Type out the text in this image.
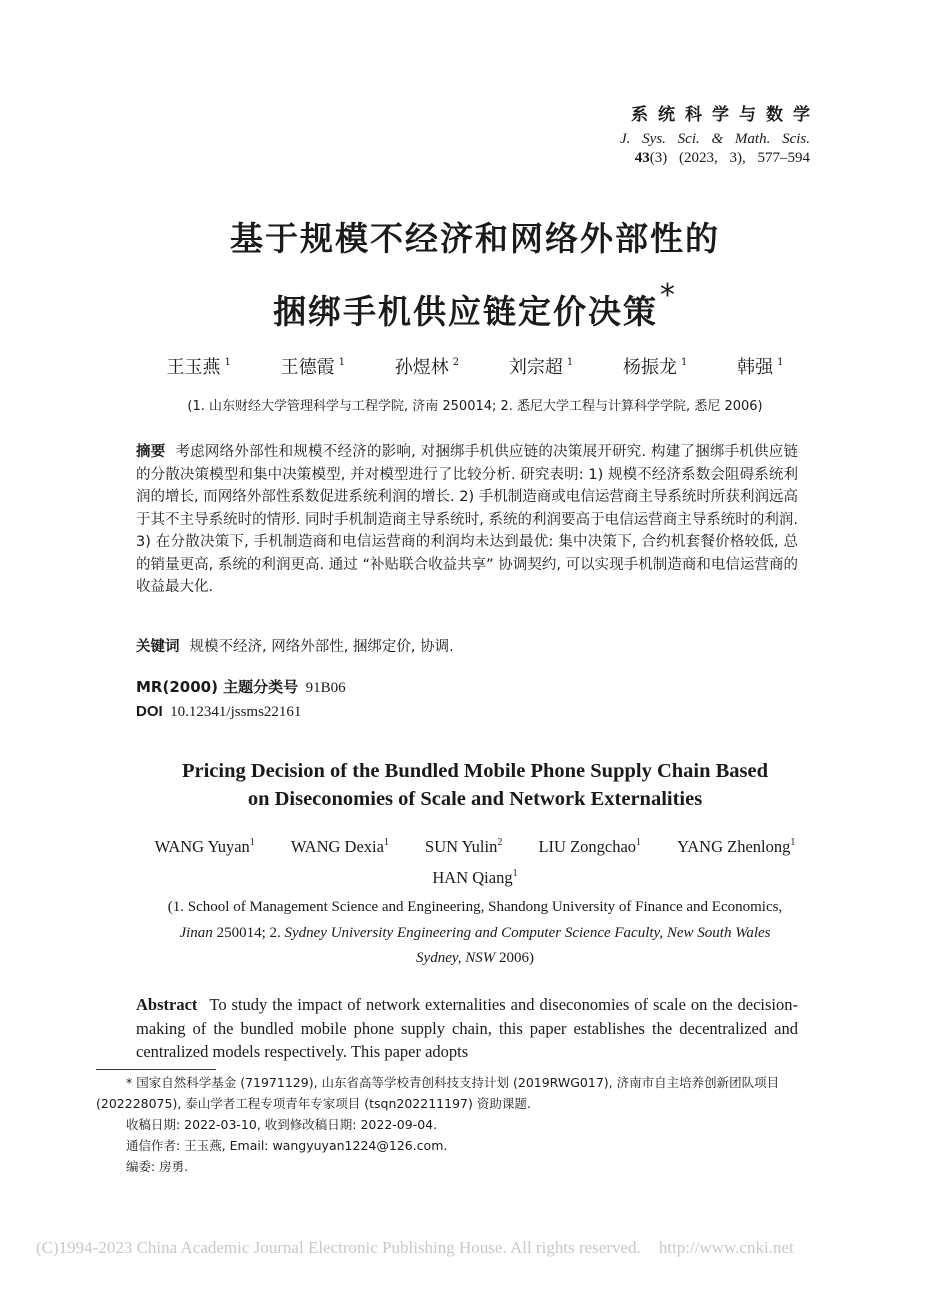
系统科学与数学
J. Sys. Sci. & Math. Scis.
43(3) (2023, 3), 577–594
基于规模不经济和网络外部性的
捆绑手机供应链定价决策*
王玉燕 $^1$	王德霞 $^1$	孙煜林 $^2$	刘宗超 $^1$	杨振龙 $^1$	韩强 $^1$
(1. 山东财经大学管理科学与工程学院, 济南 250014; 2. 悉尼大学工程与计算科学学院, 悉尼 2006)
摘要 考虑网络外部性和规模不经济的影响, 对捆绑手机供应链的决策展开研究. 构建了捆绑手机供应链的分散决策模型和集中决策模型, 并对模型进行了比较分析. 研究表明: 1) 规模不经济系数会阻碍系统利润的增长, 而网络外部性系数促进系统利润的增长. 2) 手机制造商或电信运营商主导系统时所获利润远高于其不主导系统时的情形. 同时手机制造商主导系统时, 系统的利润要高于电信运营商主导系统时的利润. 3) 在分散决策下, 手机制造商和电信运营商的利润均未达到最优: 集中决策下, 合约机套餐价格较低, 总的销量更高, 系统的利润更高. 通过 “补贴联合收益共享” 协调契约, 可以实现手机制造商和电信运营商的收益最大化.
关键词 规模不经济, 网络外部性, 捆绑定价, 协调.
MR(2000) 主题分类号 91B06
DOI 10.12341/jssms22161
Pricing Decision of the Bundled Mobile Phone Supply Chain Based
on Diseconomies of Scale and Network Externalities
WANG Yuyan$^1$ WANG Dexia$^1$ SUN Yulin$^2$ LIU Zongchao$^1$ YANG Zhenlong$^1$
HAN Qiang$^1$
(1. School of Management Science and Engineering, Shandong University of Finance and Economics,
Jinan 250014; 2. Sydney University Engineering and Computer Science Faculty, New South Wales
Sydney, NSW 2006)
Abstract To study the impact of network externalities and diseconomies of scale on the decision-making of the bundled mobile phone supply chain, this paper establishes the decentralized and centralized models respectively. This paper adopts
* 国家自然科学基金 (71971129), 山东省高等学校青创科技支持计划 (2019RWG017), 济南市自主培养创新团队项目 (202228075), 泰山学者工程专项青年专家项目 (tsqn202211197) 资助课题.
收稿日期: 2022-03-10, 收到修改稿日期: 2022-09-04.
通信作者: 王玉燕, Email: wangyuyan1224@126.com.
编委: 房勇.
(C)1994-2023 China Academic Journal Electronic Publishing House. All rights reserved. http://www.cnki.net
